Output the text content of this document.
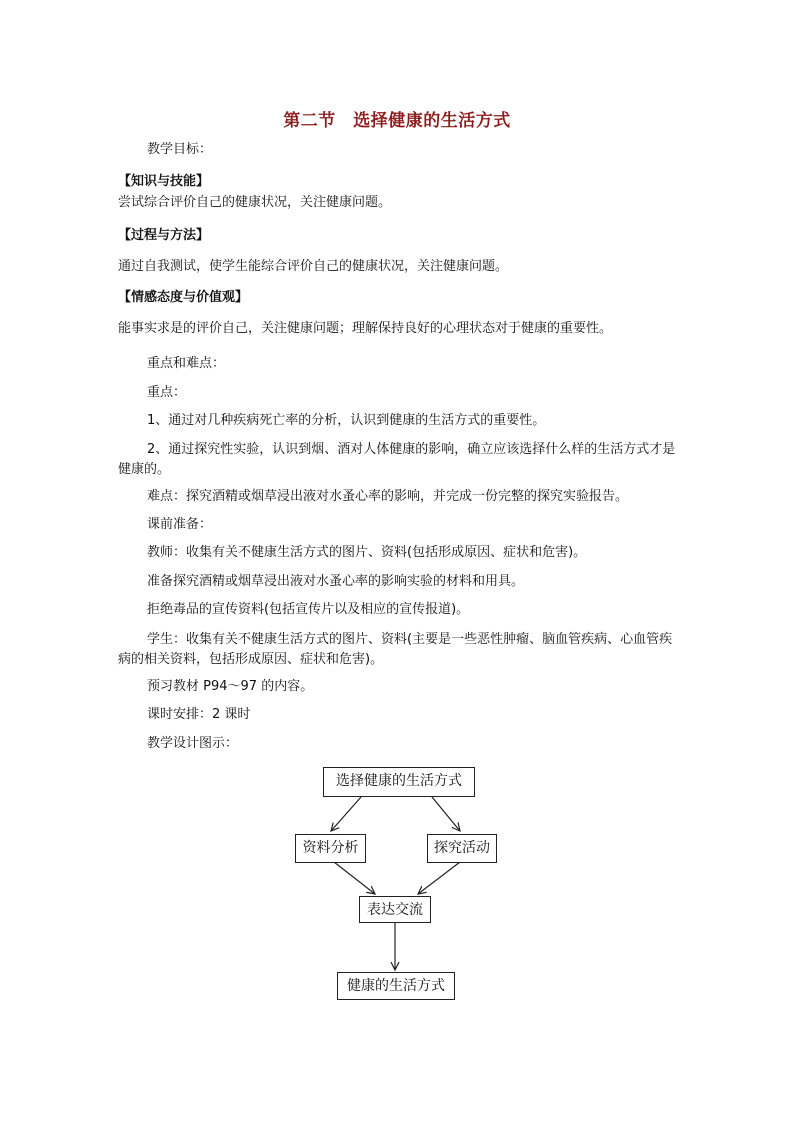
第二节　选择健康的生活方式
教学目标：
【知识与技能】
尝试综合评价自己的健康状况，关注健康问题。
【过程与方法】
通过自我测试，使学生能综合评价自己的健康状况，关注健康问题。
【情感态度与价值观】
能事实求是的评价自己，关注健康问题；理解保持良好的心理状态对于健康的重要性。
重点和难点：
重点：
1、通过对几种疾病死亡率的分析，认识到健康的生活方式的重要性。
2、通过探究性实验，认识到烟、酒对人体健康的影响，确立应该选择什么样的生活方式才是健康的。
难点：探究酒精或烟草浸出液对水蚤心率的影响，并完成一份完整的探究实验报告。
课前准备：
教师：收集有关不健康生活方式的图片、资料(包括形成原因、症状和危害)。
准备探究酒精或烟草浸出液对水蚤心率的影响实验的材料和用具。
拒绝毒品的宣传资料(包括宣传片以及相应的宣传报道)。
学生：收集有关不健康生活方式的图片、资料(主要是一些恶性肿瘤、脑血管疾病、心血管疾病的相关资料，包括形成原因、症状和危害)。
预习教材 P94～97 的内容。
课时安排：2 课时
教学设计图示：
选择健康的生活方式
资料分析	探究活动
表达交流
健康的生活方式
